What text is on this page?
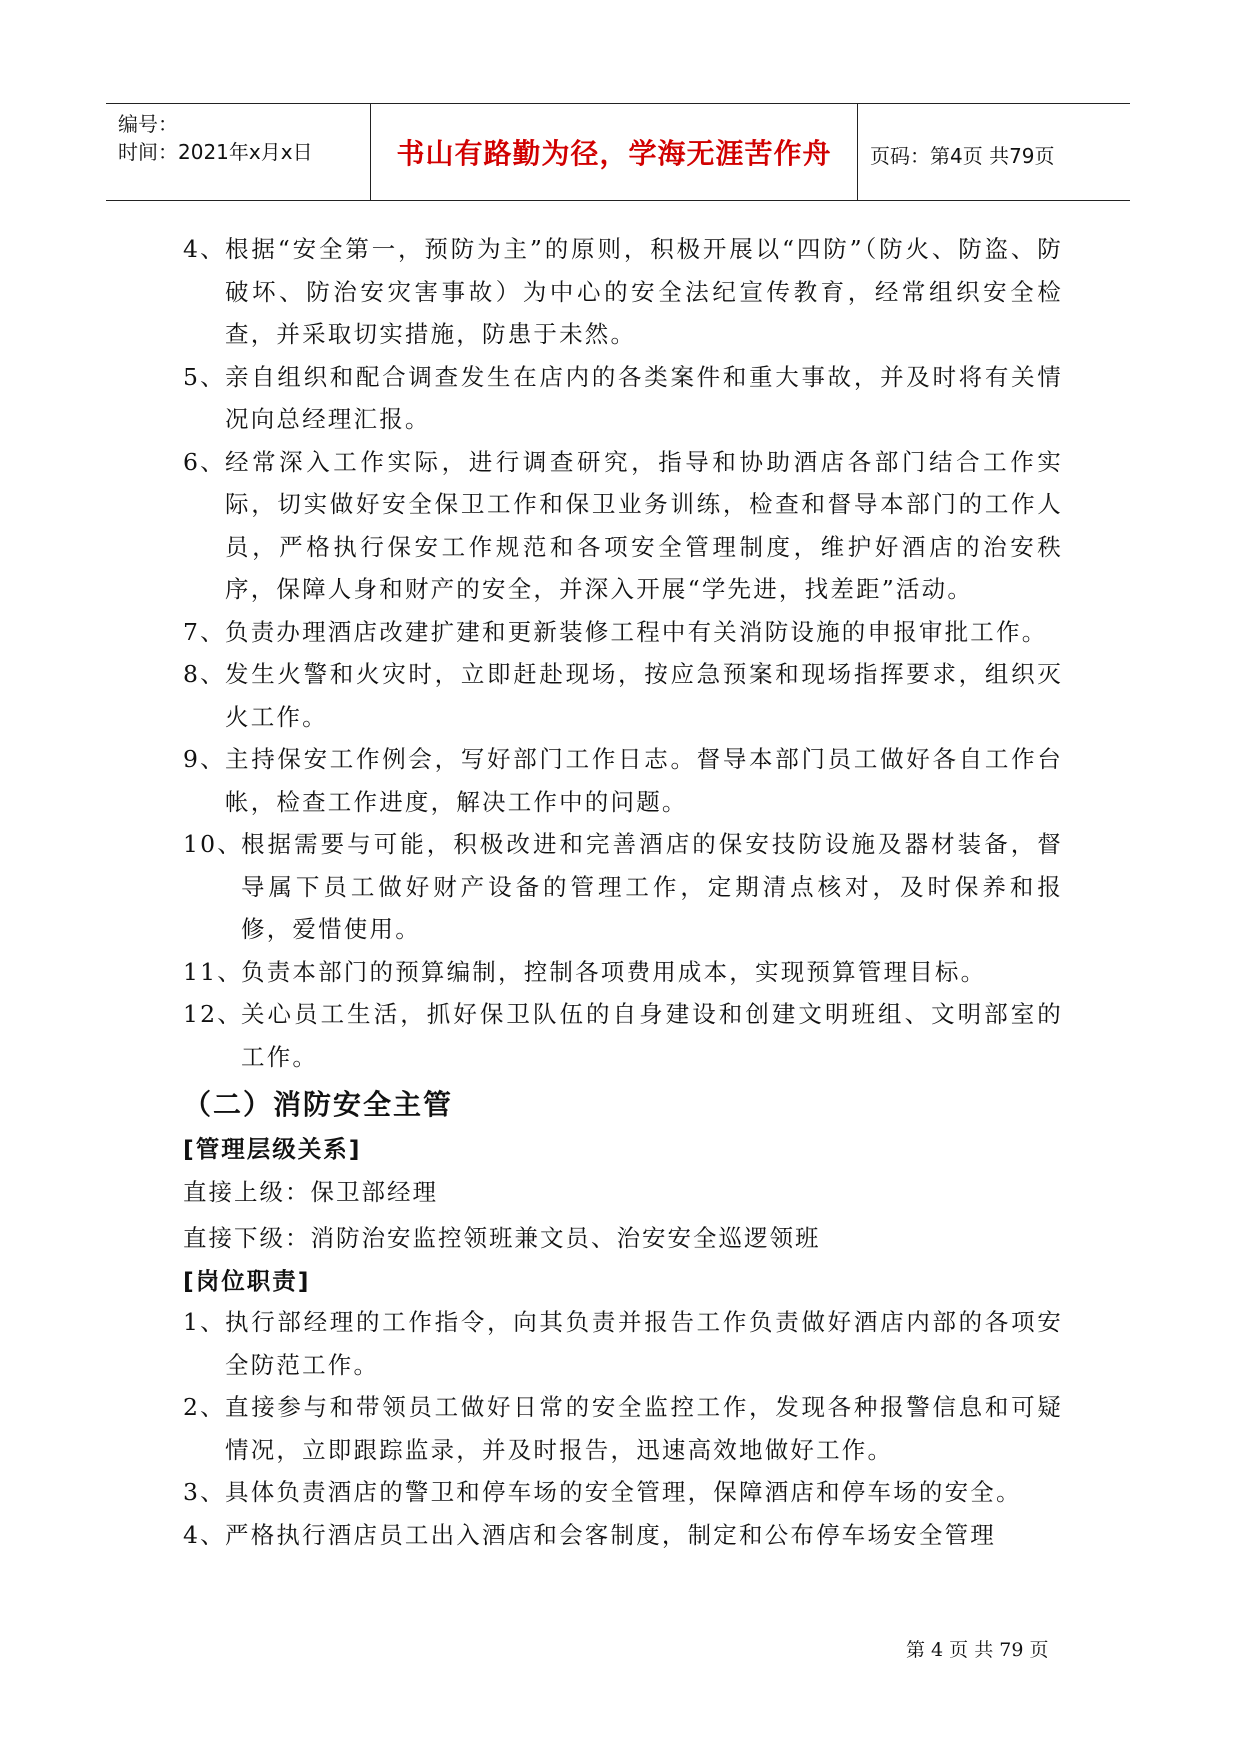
编号：
时间：2021年x月x日	书山有路勤为径，学海无涯苦作舟	页码：第4页 共79页
4、 根据“安全第一，预防为主”的原则，积极开展以“四防”（防火、防盗、防破坏、防治安灾害事故）为中心的安全法纪宣传教育，经常组织安全检查，并采取切实措施，防患于未然。
5、 亲自组织和配合调查发生在店内的各类案件和重大事故，并及时将有关情况向总经理汇报。
6、 经常深入工作实际，进行调查研究，指导和协助酒店各部门结合工作实际，切实做好安全保卫工作和保卫业务训练，检查和督导本部门的工作人员，严格执行保安工作规范和各项安全管理制度，维护好酒店的治安秩序，保障人身和财产的安全，并深入开展“学先进，找差距”活动。
7、 负责办理酒店改建扩建和更新装修工程中有关消防设施的申报审批工作。
8、 发生火警和火灾时，立即赶赴现场，按应急预案和现场指挥要求，组织灭火工作。
9、 主持保安工作例会，写好部门工作日志。督导本部门员工做好各自工作台帐，检查工作进度，解决工作中的问题。
10、
根据需要与可能，积极改进和完善酒店的保安技防设施及器材装备，督导属下员工做好财产设备的管理工作，定期清点核对，及时保养和报修，爱惜使用。
11、
负责本部门的预算编制，控制各项费用成本，实现预算管理目标。
12、
关心员工生活，抓好保卫队伍的自身建设和创建文明班组、文明部室的工作。
（二）消防安全主管
[管理层级关系]
直接上级：保卫部经理
直接下级：消防治安监控领班兼文员、治安安全巡逻领班
[岗位职责]
1、 执行部经理的工作指令，向其负责并报告工作负责做好酒店内部的各项安全防范工作。
2、 直接参与和带领员工做好日常的安全监控工作，发现各种报警信息和可疑情况，立即跟踪监录，并及时报告，迅速高效地做好工作。
3、 具体负责酒店的警卫和停车场的安全管理，保障酒店和停车场的安全。
4、 严格执行酒店员工出入酒店和会客制度，制定和公布停车场安全管理
第 4 页 共 79 页
